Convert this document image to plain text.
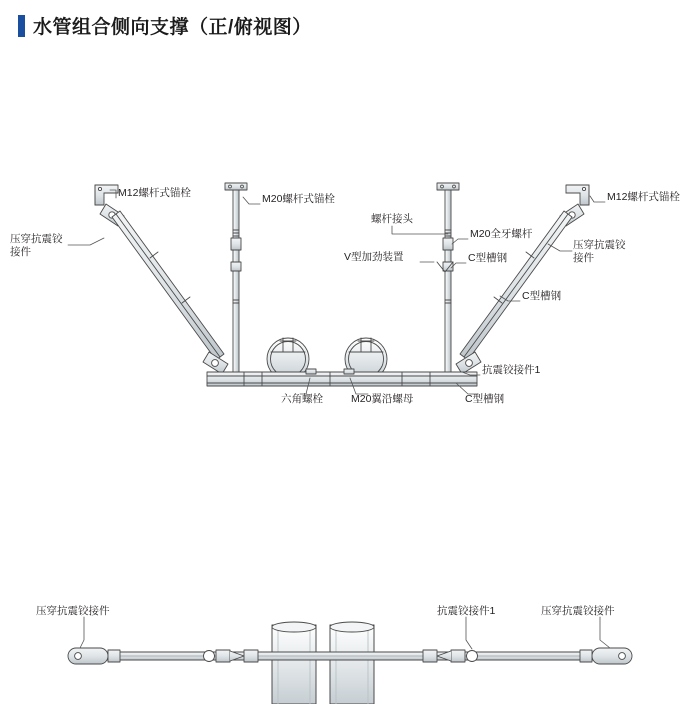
水管组合侧向支撑（正/俯视图）
M12螺杆式锚栓	M20螺杆式锚栓
螺杆接头
M12螺杆式锚栓
M20全牙螺杆
压穿抗震铰接件
压穿抗震铰接件
V型加劲装置	C型槽钢
C型槽钢
抗震铰接件1
六角螺栓	M20翼沿螺母	C型槽钢
压穿抗震铰接件	抗震铰接件1	压穿抗震铰接件
